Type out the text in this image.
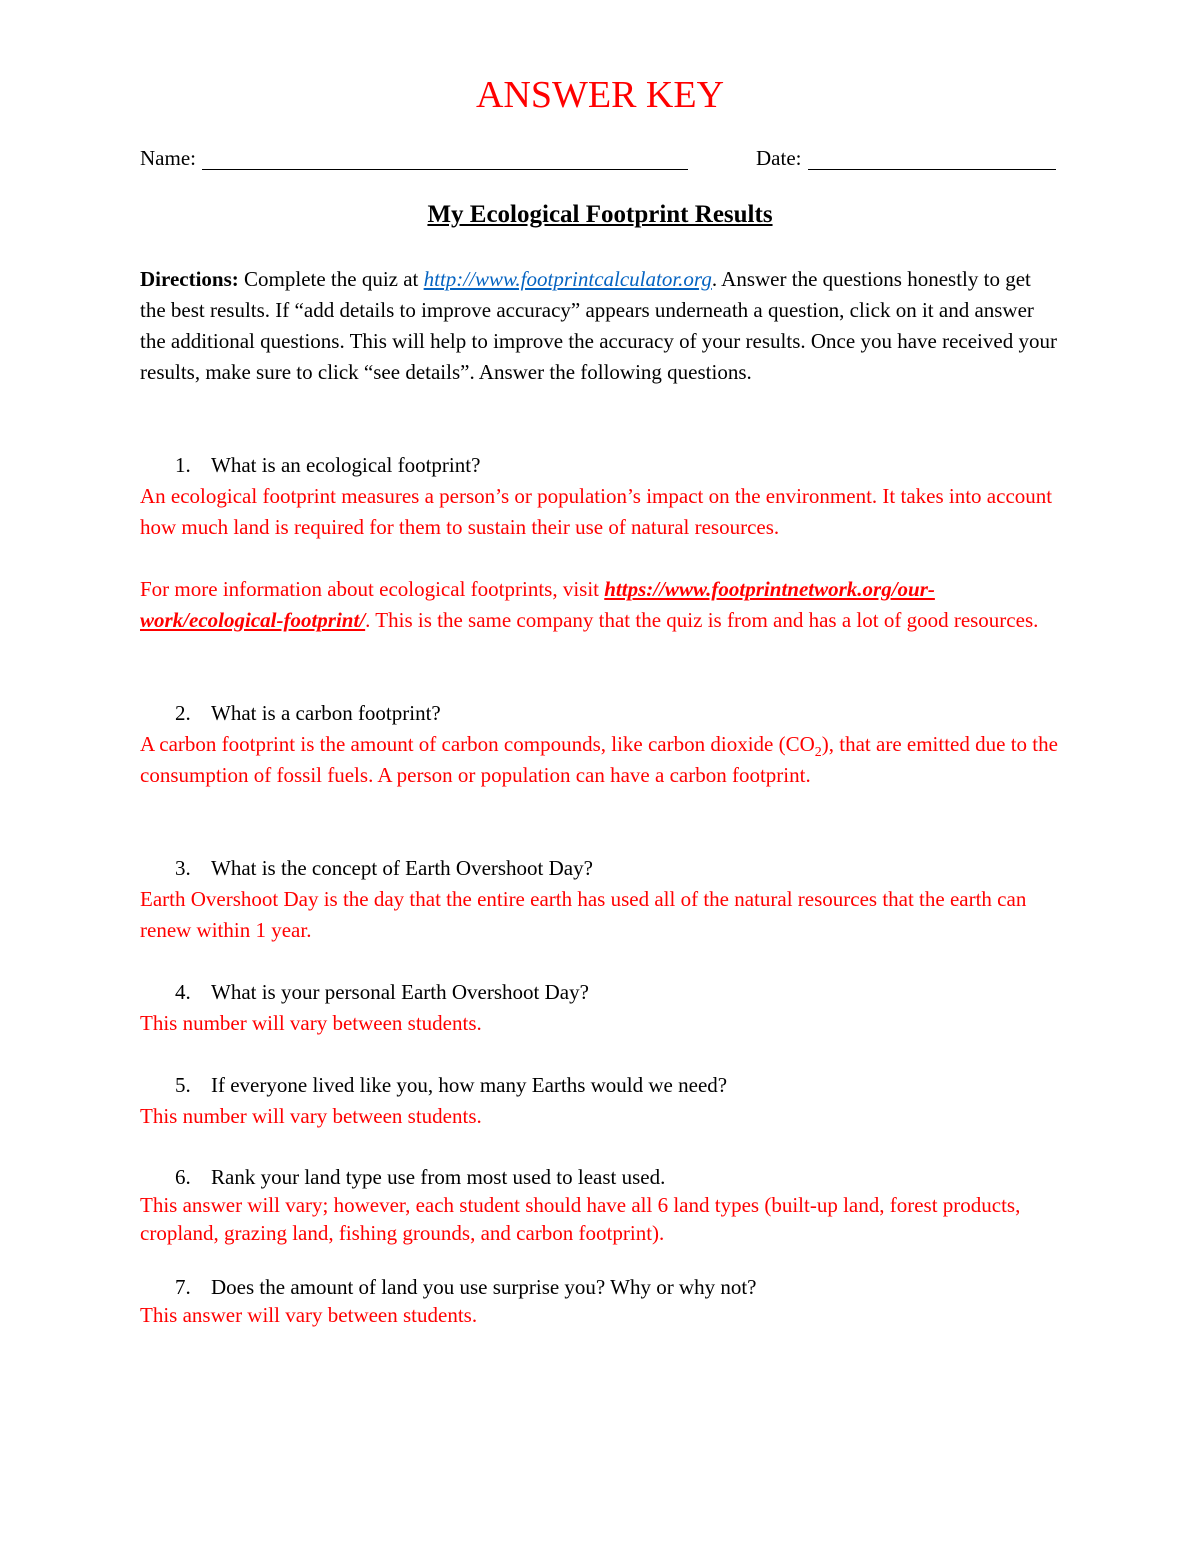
ANSWER KEY
Name:	Date:
My Ecological Footprint Results
Directions: Complete the quiz at http://www.footprintcalculator.org. Answer the questions honestly to get the best results. If “add details to improve accuracy” appears underneath a question, click on it and answer the additional questions. This will help to improve the accuracy of your results. Once you have received your results, make sure to click “see details”. Answer the following questions.
1. What is an ecological footprint?
An ecological footprint measures a person’s or population’s impact on the environment. It takes into account how much land is required for them to sustain their use of natural resources.
For more information about ecological footprints, visit https://www.footprintnetwork.org/our-work/ecological-footprint/. This is the same company that the quiz is from and has a lot of good resources.
2. What is a carbon footprint?
A carbon footprint is the amount of carbon compounds, like carbon dioxide $(CO_2)$, that are emitted due to the consumption of fossil fuels. A person or population can have a carbon footprint.
3. What is the concept of Earth Overshoot Day?
Earth Overshoot Day is the day that the entire earth has used all of the natural resources that the earth can renew within 1 year.
4. What is your personal Earth Overshoot Day?
This number will vary between students.
5. If everyone lived like you, how many Earths would we need?
This number will vary between students.
6. Rank your land type use from most used to least used.
This answer will vary; however, each student should have all 6 land types (built-up land, forest products, cropland, grazing land, fishing grounds, and carbon footprint).
7. Does the amount of land you use surprise you? Why or why not?
This answer will vary between students.
